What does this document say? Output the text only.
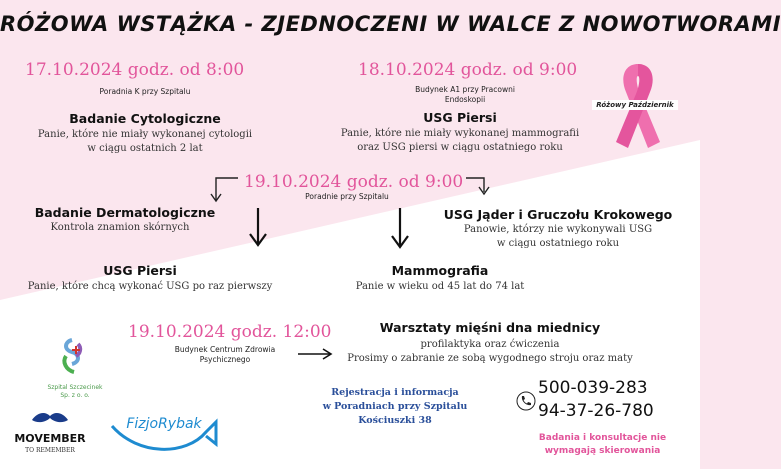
RÓŻOWA WSTĄŻKA - ZJEDNOCZENI W WALCE Z NOWOTWORAMI
17.10.2024 godz. od 8:00
Poradnia K przy Szpitalu
Badanie Cytologiczne
Panie, które nie miały wykonanej cytologii
w ciągu ostatnich 2 lat
18.10.2024 godz. od 9:00
Budynek A1 przy Pracowni
Endoskopii
USG Piersi
Panie, które nie miały wykonanej mammografii
oraz USG piersi w ciągu ostatniego roku
Różowy Październik
19.10.2024 godz. od 9:00
Poradnie przy Szpitalu
Badanie Dermatologiczne
Kontrola znamion skórnych
USG Jąder i Gruczołu Krokowego
Panowie, którzy nie wykonywali USG
w ciągu ostatniego roku
USG Piersi
Panie, które chcą wykonać USG po raz pierwszy
Mammografia
Panie w wieku od 45 lat do 74 lat
19.10.2024 godz. 12:00
Budynek Centrum Zdrowia
Psychicznego
Warsztaty mięśni dna miednicy
profilaktyka oraz ćwiczenia
Prosimy o zabranie ze sobą wygodnego stroju oraz maty
Rejestracja i informacja
w Poradniach przy Szpitalu
Kościuszki 38
500-039-283
94-37-26-780
Badania i konsultacje nie
wymagają skierowania
Szpital Szczecinek
Sp. z o. o.
MOVEMBER
TO REMEMBER
FizjoRybak
